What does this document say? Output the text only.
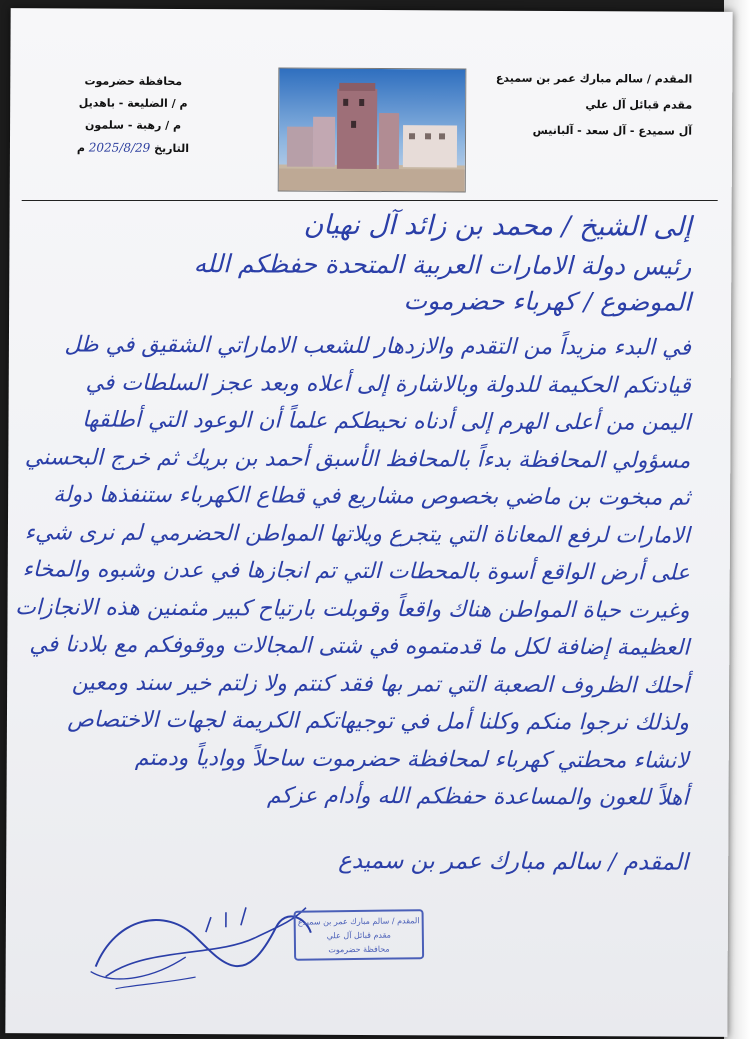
المقدم / سالم مبارك عمر بن سميدع
مقدم قبائل آل علي
آل سميدع - آل سعد - آلبانيس
محافظة حضرموت
م / الضليعة - باهديل
م / رهبة - سلمون
التاريخ 2025/8/29 م
إلى الشيخ / محمد بن زائد آل نهيان
رئيس دولة الامارات العربية المتحدة حفظكم الله
الموضوع / كهرباء حضرموت
في البدء مزيداً من التقدم والازدهار للشعب الاماراتي الشقيق في ظل
قيادتكم الحكيمة للدولة وبالاشارة إلى أعلاه وبعد عجز السلطات في
اليمن من أعلى الهرم إلى أدناه نحيطكم علماً أن الوعود التي أطلقها
مسؤولي المحافظة بدءاً بالمحافظ الأسبق أحمد بن بريك ثم خرج البحسني
ثم مبخوت بن ماضي بخصوص مشاريع في قطاع الكهرباء ستنفذها دولة
الامارات لرفع المعاناة التي يتجرع ويلاتها المواطن الحضرمي لم نرى شيء
على أرض الواقع أسوة بالمحطات التي تم انجازها في عدن وشبوه والمخاء
وغيرت حياة المواطن هناك واقعاً وقوبلت بارتياح كبير مثمنين هذه الانجازات
العظيمة إضافة لكل ما قدمتموه في شتى المجالات ووقوفكم مع بلادنا في
أحلك الظروف الصعبة التي تمر بها فقد كنتم ولا زلتم خير سند ومعين
ولذلك نرجوا منكم وكلنا أمل في توجيهاتكم الكريمة لجهات الاختصاص
لانشاء محطتي كهرباء لمحافظة حضرموت ساحلاً ووادياً ودمتم
أهلاً للعون والمساعدة حفظكم الله وأدام عزكم
المقدم / سالم مبارك عمر بن سميدع
المقدم / سالم مبارك عمر بن سميدع
مقدم قبائل آل علي
محافظة حضرموت
